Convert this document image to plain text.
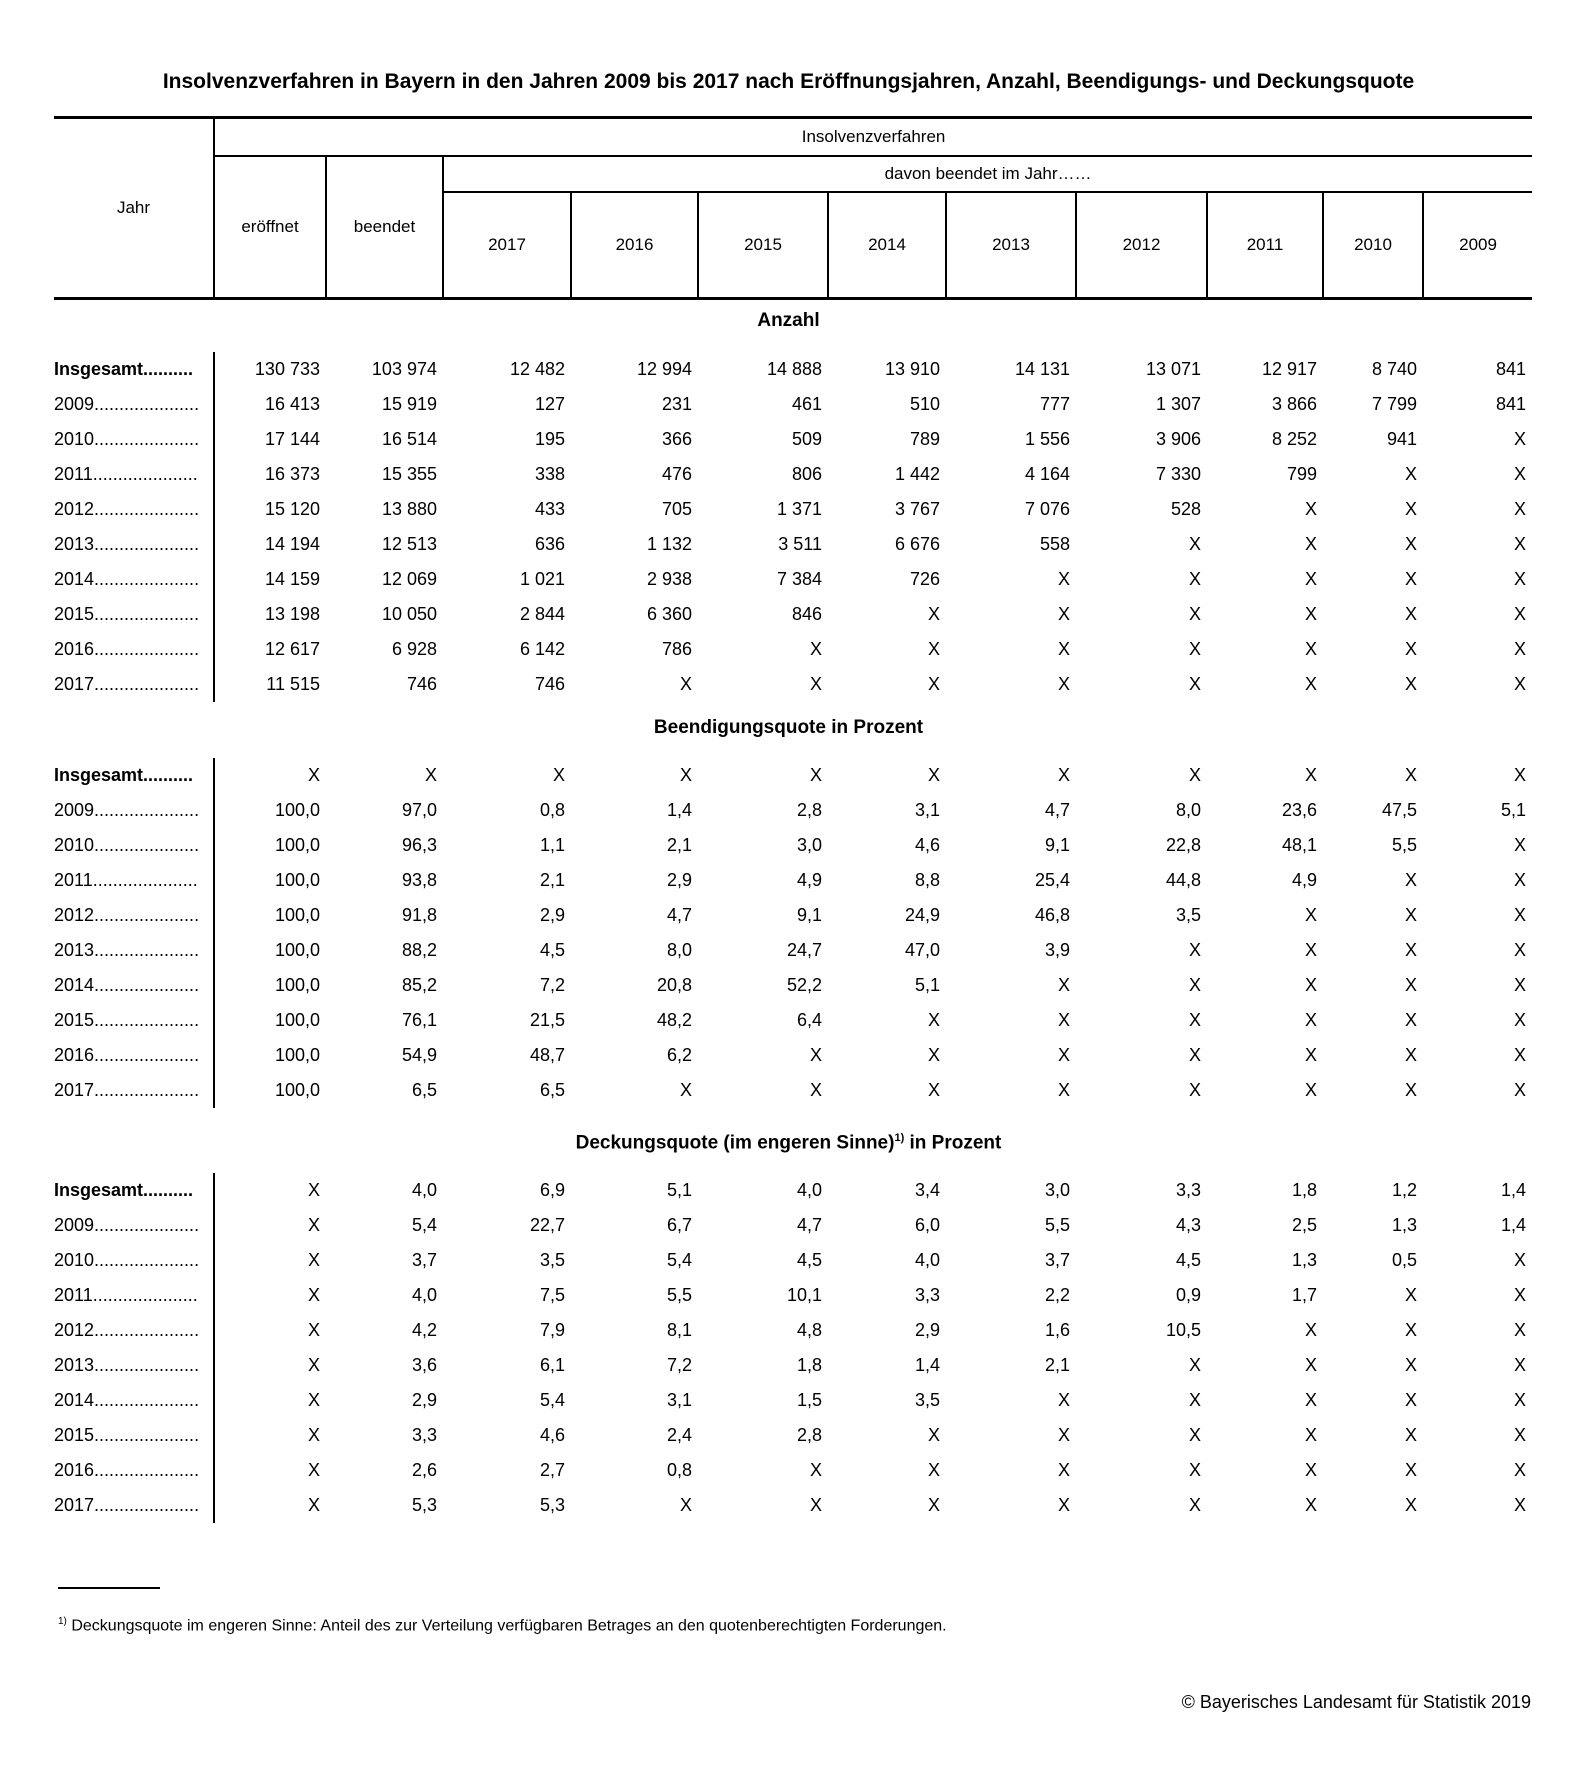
Insolvenzverfahren in Bayern in den Jahren 2009 bis 2017 nach Eröffnungsjahren, Anzahl, Beendigungs- und Deckungsquote
Jahr	Insolvenzverfahren										
	eröffnet	beendet	davon beendet im Jahr……								
			2017	2016	2015	2014	2013	2012	2011	2010	2009
Anzahl
Insgesamt..........	130 733	103 974	12 482	12 994	14 888	13 910	14 131	13 071	12 917	8 740	841
2009.....................	16 413	15 919	127	231	461	510	777	1 307	3 866	7 799	841
2010.....................	17 144	16 514	195	366	509	789	1 556	3 906	8 252	941	X
2011.....................	16 373	15 355	338	476	806	1 442	4 164	7 330	799	X	X
2012.....................	15 120	13 880	433	705	1 371	3 767	7 076	528	X	X	X
2013.....................	14 194	12 513	636	1 132	3 511	6 676	558	X	X	X	X
2014.....................	14 159	12 069	1 021	2 938	7 384	726	X	X	X	X	X
2015.....................	13 198	10 050	2 844	6 360	846	X	X	X	X	X	X
2016.....................	12 617	6 928	6 142	786	X	X	X	X	X	X	X
2017.....................	11 515	746	746	X	X	X	X	X	X	X	X
Beendigungsquote in Prozent
Insgesamt..........	X	X	X	X	X	X	X	X	X	X	X
2009.....................	100,0	97,0	0,8	1,4	2,8	3,1	4,7	8,0	23,6	47,5	5,1
2010.....................	100,0	96,3	1,1	2,1	3,0	4,6	9,1	22,8	48,1	5,5	X
2011.....................	100,0	93,8	2,1	2,9	4,9	8,8	25,4	44,8	4,9	X	X
2012.....................	100,0	91,8	2,9	4,7	9,1	24,9	46,8	3,5	X	X	X
2013.....................	100,0	88,2	4,5	8,0	24,7	47,0	3,9	X	X	X	X
2014.....................	100,0	85,2	7,2	20,8	52,2	5,1	X	X	X	X	X
2015.....................	100,0	76,1	21,5	48,2	6,4	X	X	X	X	X	X
2016.....................	100,0	54,9	48,7	6,2	X	X	X	X	X	X	X
2017.....................	100,0	6,5	6,5	X	X	X	X	X	X	X	X
Deckungsquote (im engeren Sinne)$^{1)}$ in Prozent
Insgesamt..........	X	4,0	6,9	5,1	4,0	3,4	3,0	3,3	1,8	1,2	1,4
2009.....................	X	5,4	22,7	6,7	4,7	6,0	5,5	4,3	2,5	1,3	1,4
2010.....................	X	3,7	3,5	5,4	4,5	4,0	3,7	4,5	1,3	0,5	X
2011.....................	X	4,0	7,5	5,5	10,1	3,3	2,2	0,9	1,7	X	X
2012.....................	X	4,2	7,9	8,1	4,8	2,9	1,6	10,5	X	X	X
2013.....................	X	3,6	6,1	7,2	1,8	1,4	2,1	X	X	X	X
2014.....................	X	2,9	5,4	3,1	1,5	3,5	X	X	X	X	X
2015.....................	X	3,3	4,6	2,4	2,8	X	X	X	X	X	X
2016.....................	X	2,6	2,7	0,8	X	X	X	X	X	X	X
2017.....................	X	5,3	5,3	X	X	X	X	X	X	X	X
$^{1)}$ Deckungsquote im engeren Sinne: Anteil des zur Verteilung verfügbaren Betrages an den quotenberechtigten Forderungen.
© Bayerisches Landesamt für Statistik 2019
